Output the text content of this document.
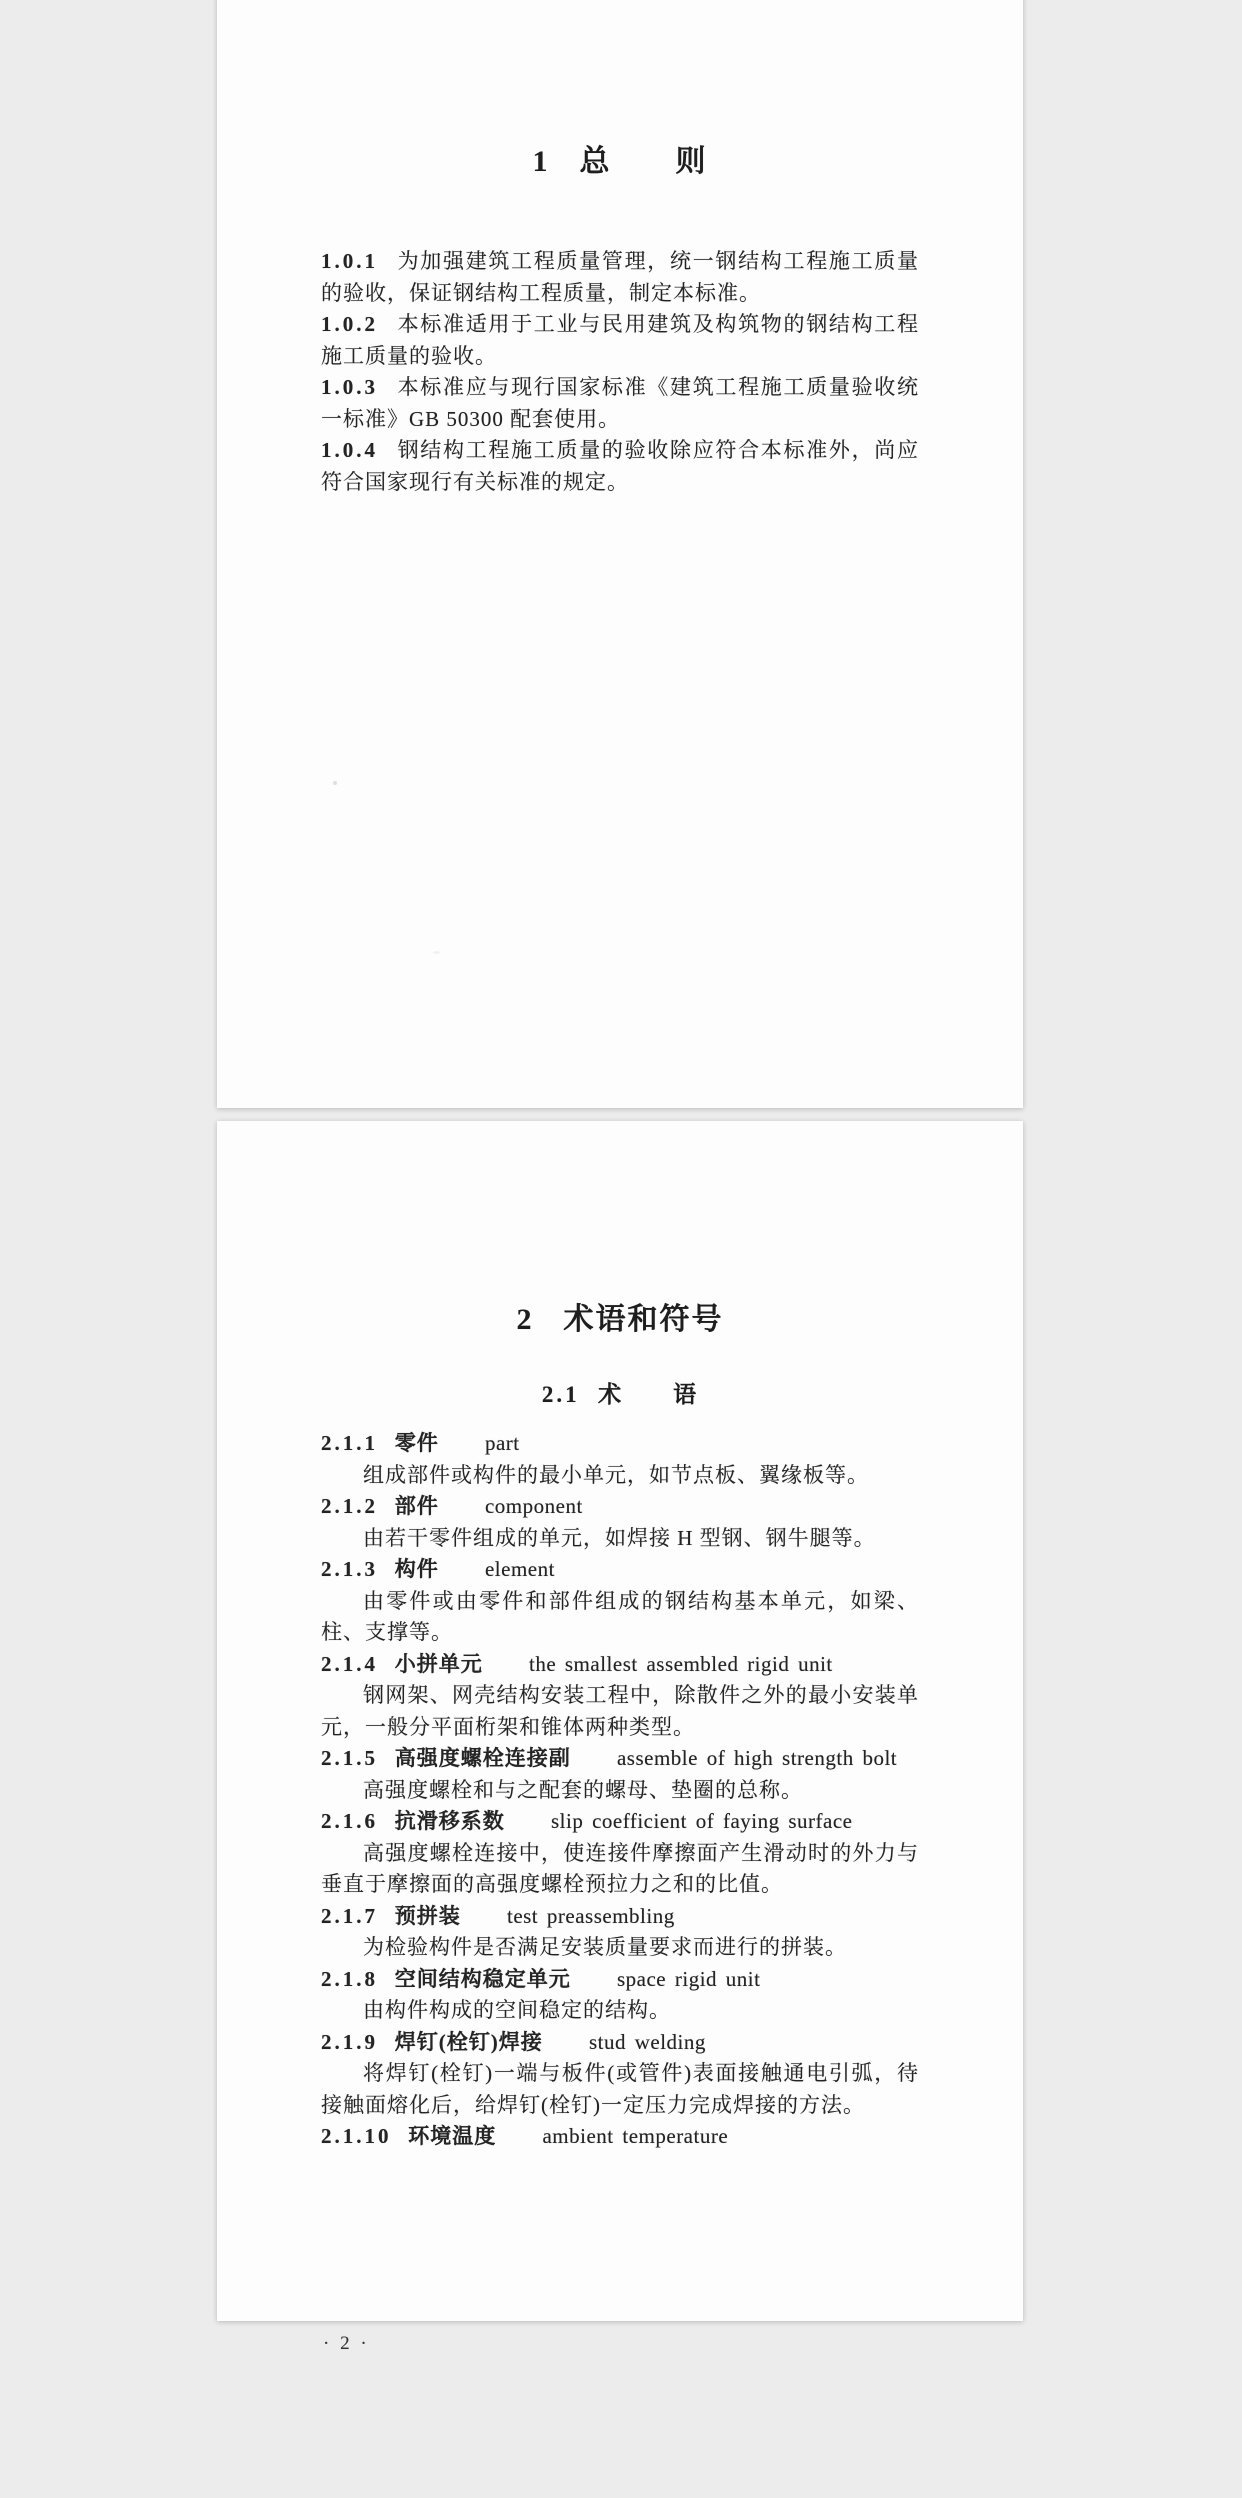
1 总　　则

1.0.1 为加强建筑工程质量管理，统一钢结构工程施工质量的验收，保证钢结构工程质量，制定本标准。

1.0.2 本标准适用于工业与民用建筑及构筑物的钢结构工程施工质量的验收。

1.0.3 本标准应与现行国家标准《建筑工程施工质量验收统一标准》GB 50300 配套使用。

1.0.4 钢结构工程施工质量的验收除应符合本标准外，尚应符合国家现行有关标准的规定。

2 术语和符号
2.1 术　　语
2.1.1 零件 part

组成部件或构件的最小单元，如节点板、翼缘板等。

2.1.2 部件 component

由若干零件组成的单元，如焊接 H 型钢、钢牛腿等。

2.1.3 构件 element

由零件或由零件和部件组成的钢结构基本单元，如梁、柱、支撑等。

2.1.4 小拼单元 the smallest assembled rigid unit

钢网架、网壳结构安装工程中，除散件之外的最小安装单元，一般分平面桁架和锥体两种类型。

2.1.5 高强度螺栓连接副 assemble of high strength bolt

高强度螺栓和与之配套的螺母、垫圈的总称。

2.1.6 抗滑移系数 slip coefficient of faying surface

高强度螺栓连接中，使连接件摩擦面产生滑动时的外力与垂直于摩擦面的高强度螺栓预拉力之和的比值。

2.1.7 预拼装 test preassembling

为检验构件是否满足安装质量要求而进行的拼装。

2.1.8 空间结构稳定单元 space rigid unit

由构件构成的空间稳定的结构。

2.1.9 焊钉(栓钉)焊接 stud welding

将焊钉(栓钉)一端与板件(或管件)表面接触通电引弧，待接触面熔化后，给焊钉(栓钉)一定压力完成焊接的方法。

2.1.10 环境温度 ambient temperature
· 2 ·
